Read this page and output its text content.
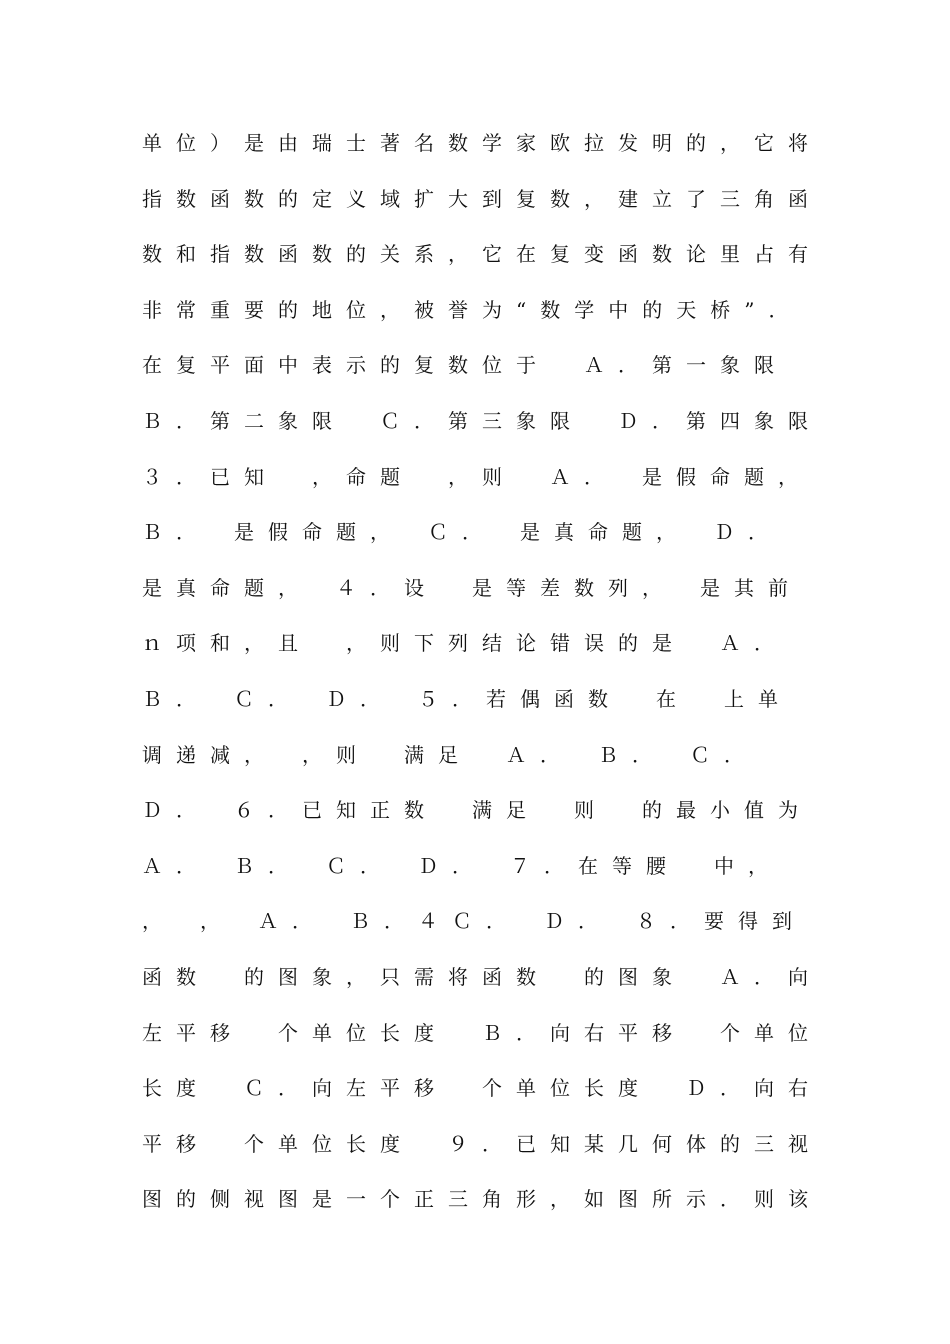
单位）是由瑞士著名数学家欧拉发明的，它将
指数函数的定义域扩大到复数，建立了三角函
数和指数函数的关系，它在复变函数论里占有
非常重要的地位，被誉为“数学中的天桥”．
在复平面中表示的复数位于　Ａ．第一象限
Ｂ．第二象限　Ｃ．第三象限　Ｄ．第四象限
３．已知　，命题　，则　Ａ．　是假命题，
Ｂ．　是假命题，　Ｃ．　是真命题，　Ｄ．
是真命题，　４．设　是等差数列，　是其前
ｎ项和，且　，则下列结论错误的是　Ａ．
Ｂ．　Ｃ．　Ｄ．　５．若偶函数　在　上单
调递减，　，则　满足　Ａ．　Ｂ．　Ｃ．
Ｄ．　６．已知正数　满足　则　的最小值为
Ａ．　Ｂ．　Ｃ．　Ｄ．　７．在等腰　中，
，　，　Ａ．　Ｂ．４Ｃ．　Ｄ．　８．要得到
函数　的图象，只需将函数　的图象　Ａ．向
左平移　个单位长度　Ｂ．向右平移　个单位
长度　Ｃ．向左平移　个单位长度　Ｄ．向右
平移　个单位长度　９．已知某几何体的三视
图的侧视图是一个正三角形，如图所示．则该
